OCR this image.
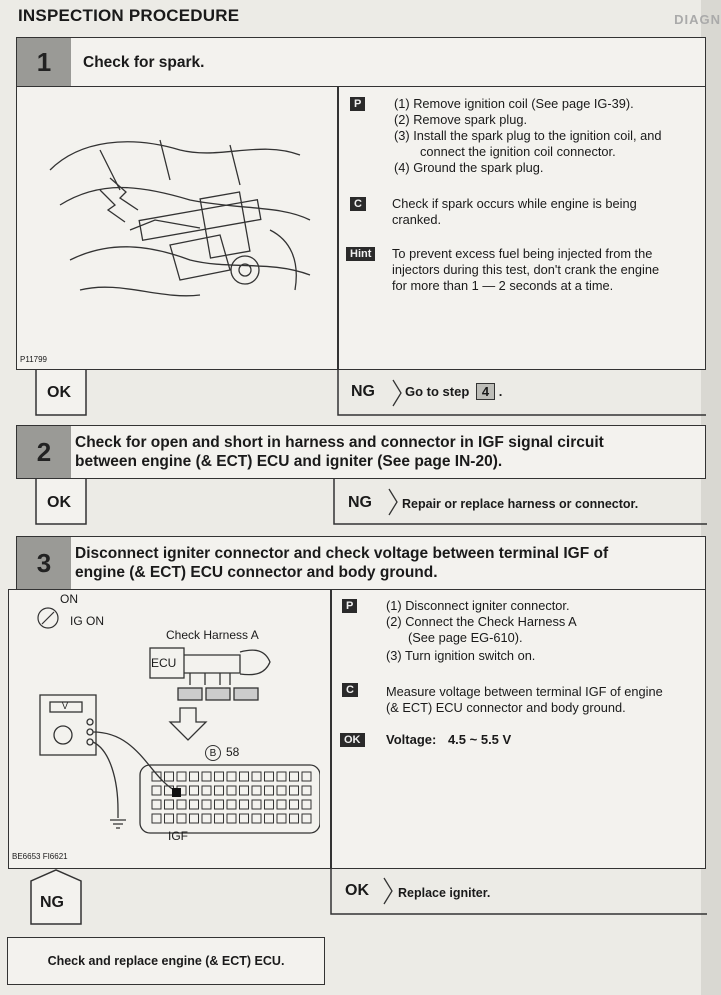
DIAGN
INSPECTION PROCEDURE
1	Check for spark.
P11799
P	(1) Remove ignition coil (See page IG-39).
(2) Remove spark plug.
(3) Install the spark plug to the ignition coil, and
connect the ignition coil connector.
(4) Ground the spark plug.
C	Check if spark occurs while engine is being
cranked.
Hint	To prevent excess fuel being injected from the
injectors during this test, don't crank the engine
for more than 1 — 2 seconds at a time.
OK	NG Go to step 4 .
2	Check for open and short in harness and connector in IGF signal circuit
between engine (& ECT) ECU and igniter (See page IN-20).
OK	NG Repair or replace harness or connector.
3	Disconnect igniter connector and check voltage between terminal IGF of
engine (& ECT) ECU connector and body ground.
ON
IG ON
Check Harness A
ECU
B 58
IGF
V
BE6653 FI6621
P	(1) Disconnect igniter connector.
(2) Connect the Check Harness A
(See page EG-610).
(3) Turn ignition switch on.
C	Measure voltage between terminal IGF of engine
(& ECT) ECU connector and body ground.
OK	Voltage: 4.5 ~ 5.5 V
NG
OK Replace igniter.
Check and replace engine (& ECT) ECU.
